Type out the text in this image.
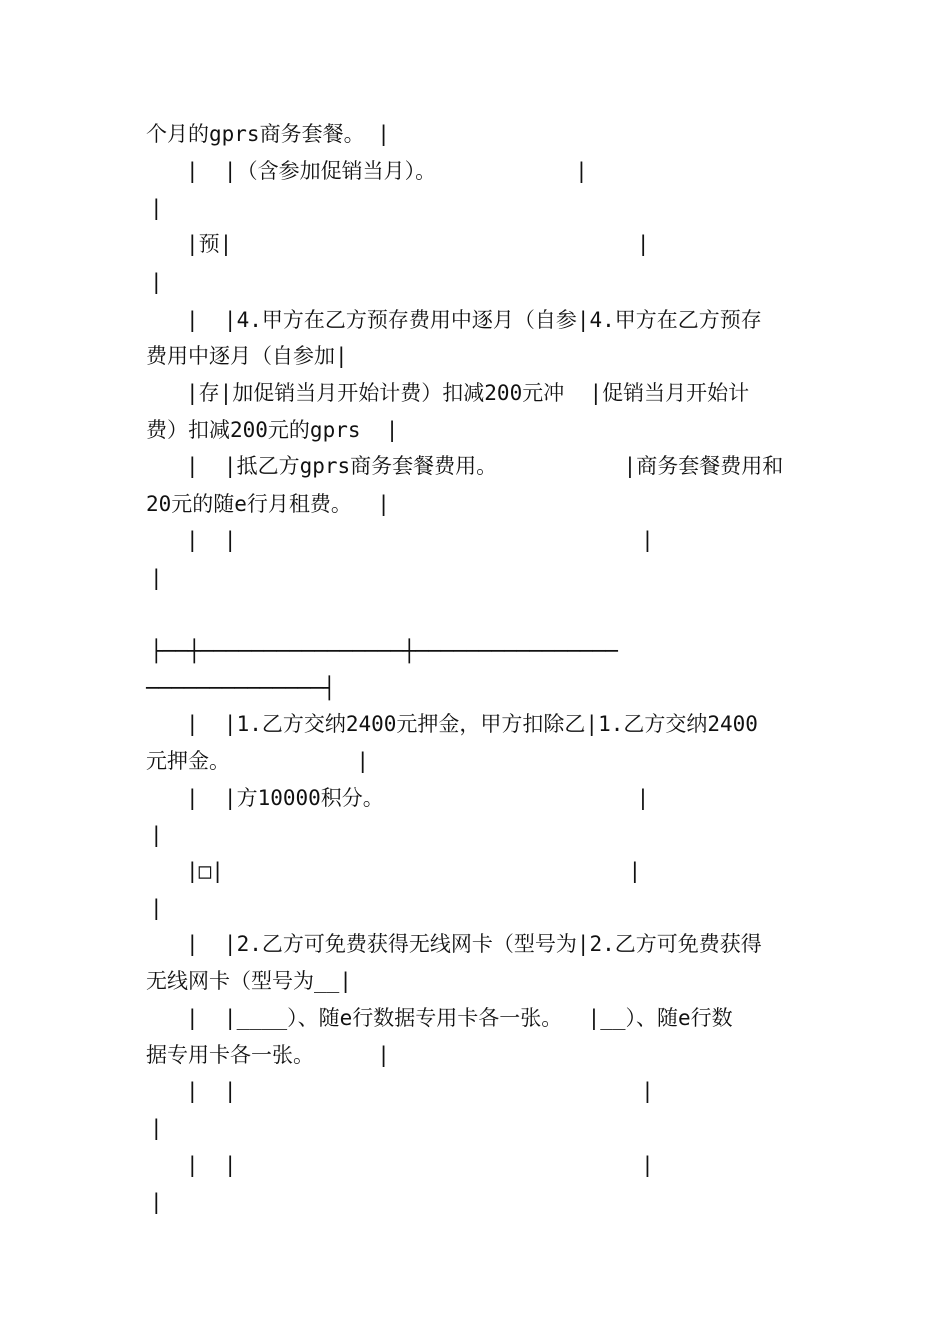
个月的gprs商务套餐。 |
|  |（含参加促销当月）。           |
|
|预|                                |
|
|  |4.甲方在乙方预存费用中逐月（自参|4.甲方在乙方预存
费用中逐月（自参加|
|存|加促销当月开始计费）扣减200元冲  |促销当月开始计
费）扣减200元的gprs  |
|  |抵乙方gprs商务套餐费用。          |商务套餐费用和
20元的随e行月租费。  |
|  |                                |
|
├──┼────────────────┼────────────────
──────────────┤
|  |1.乙方交纳2400元押金，甲方扣除乙|1.乙方交纳2400
元押金。          |
|  |方10000积分。                    |
|
|□|                                |
|
|  |2.乙方可免费获得无线网卡（型号为|2.乙方可免费获得
无线网卡（型号为__|
|  |____）、随e行数据专用卡各一张。  |__）、随e行数
据专用卡各一张。     |
|  |                                |
|
|  |                                |
|
